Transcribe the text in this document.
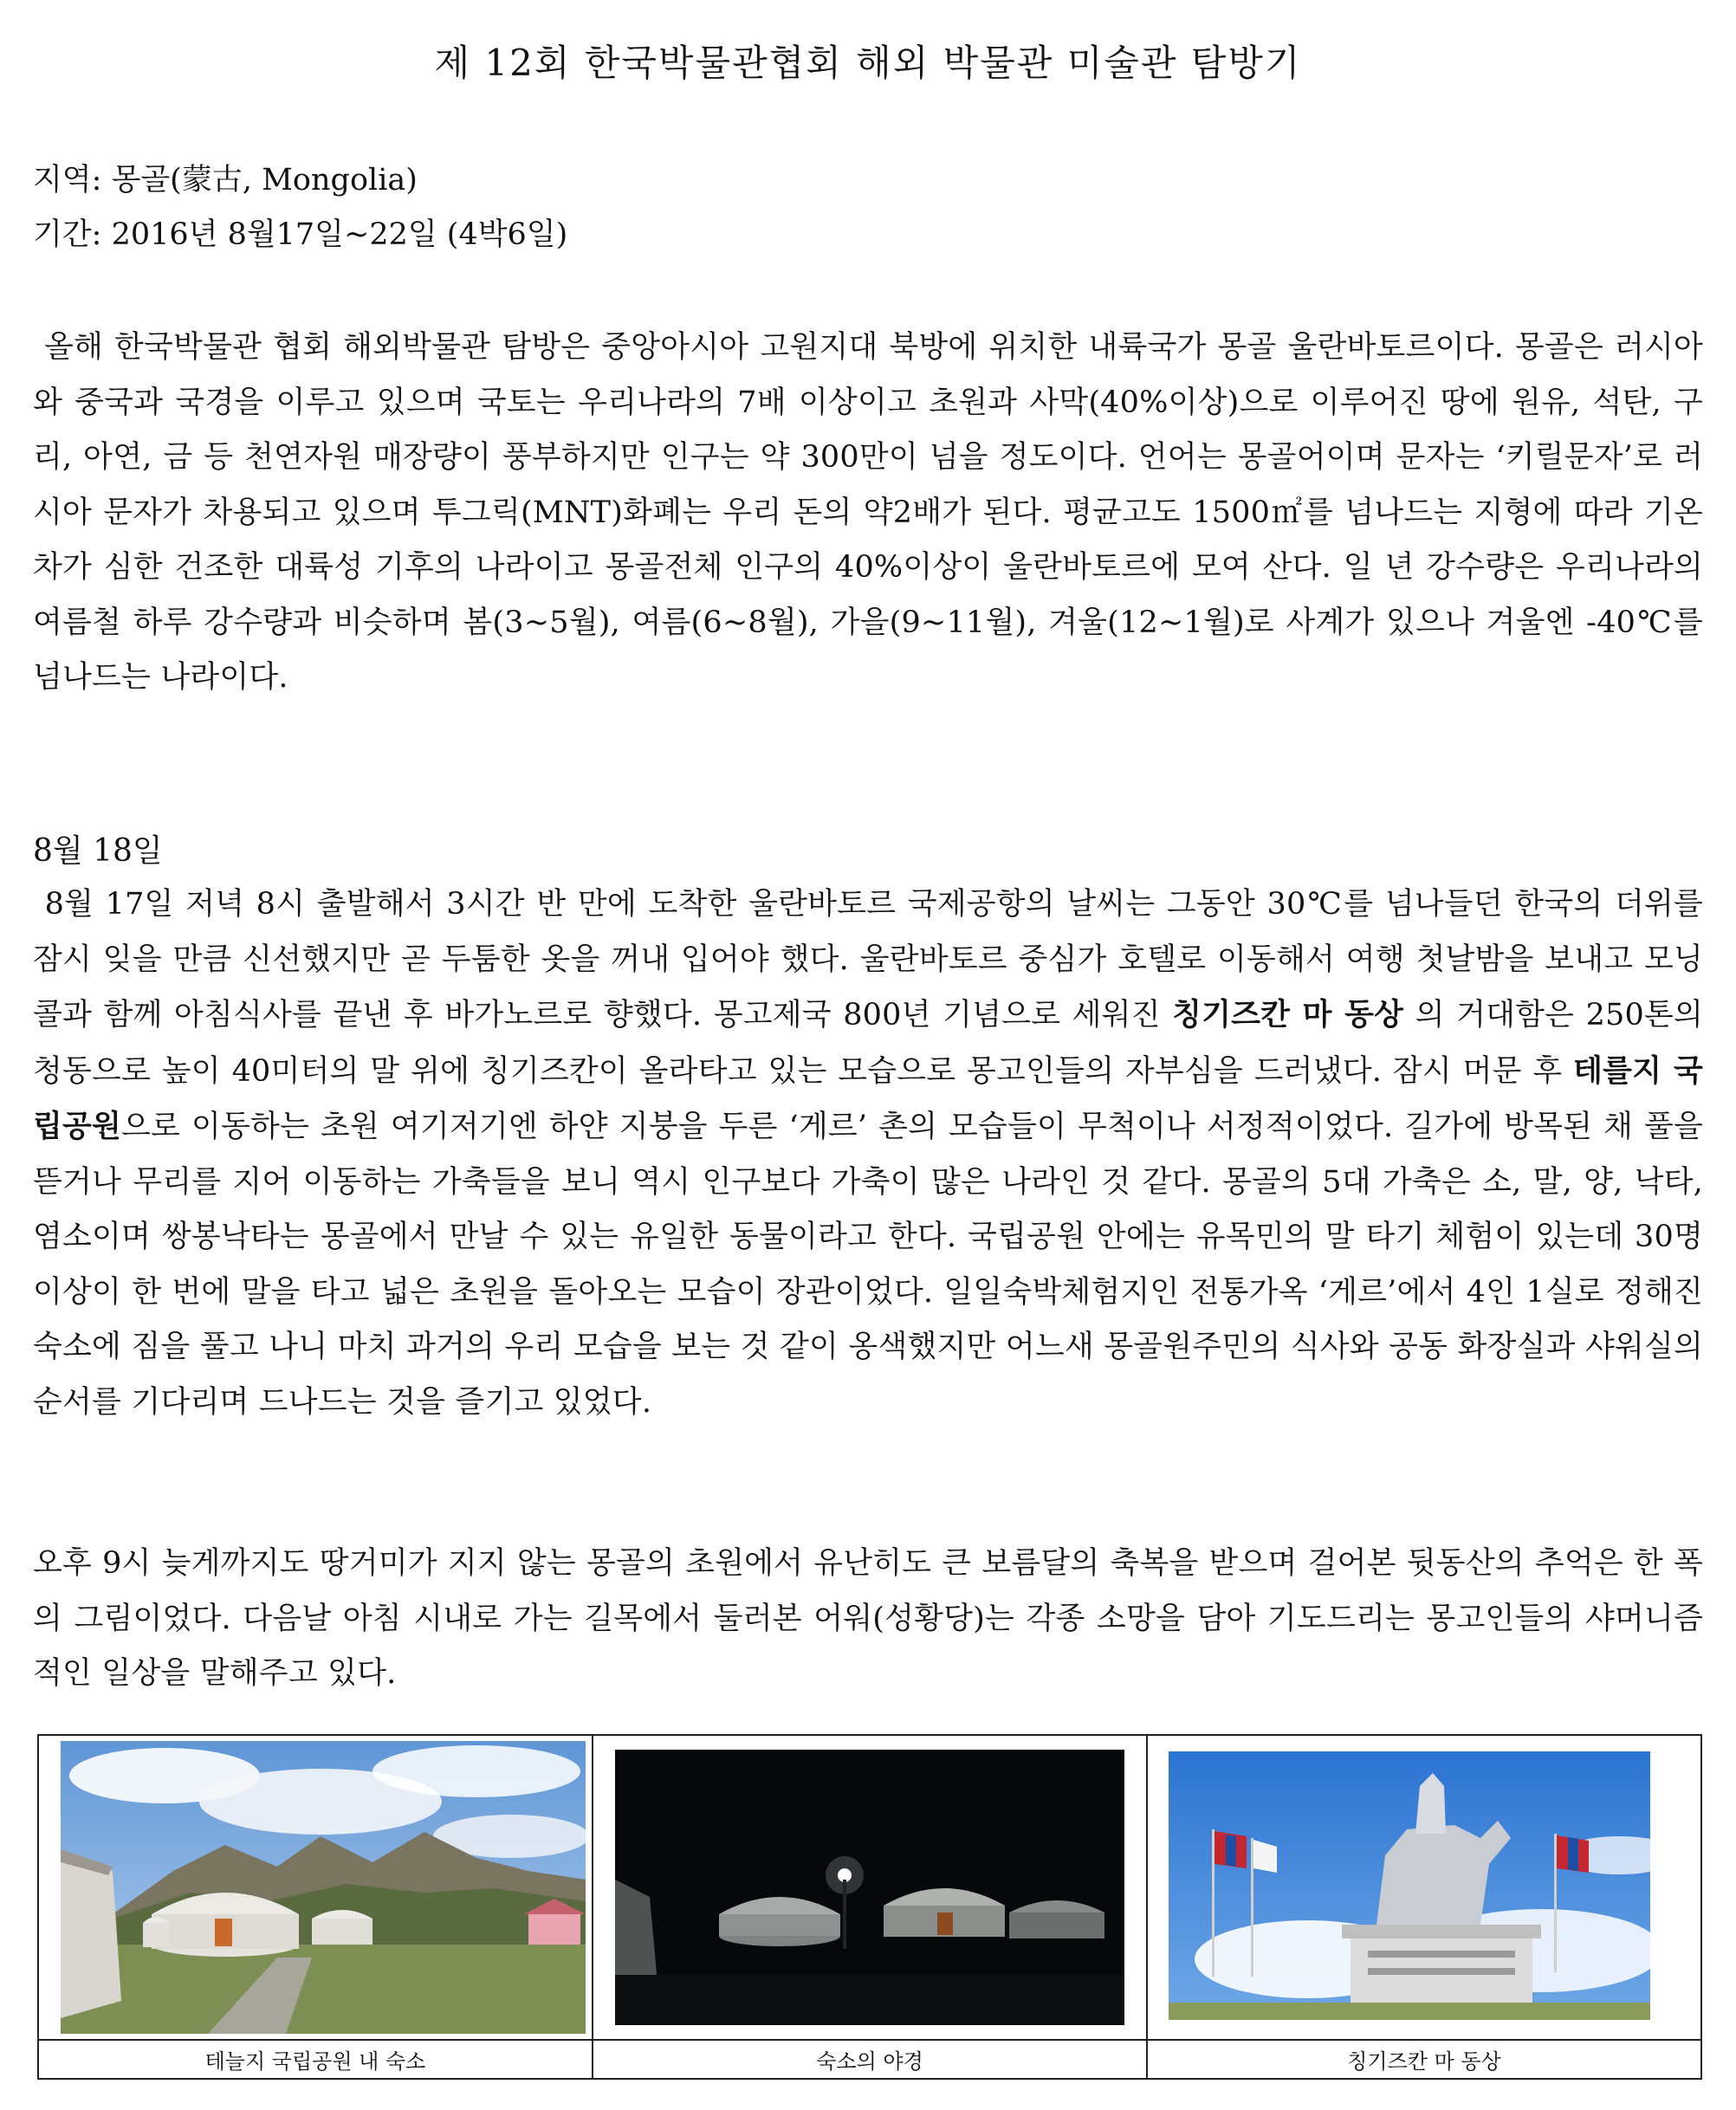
제 12회 한국박물관협회 해외 박물관 미술관 탐방기
지역: 몽골(蒙古, Mongolia)
기간: 2016년 8월17일~22일 (4박6일)

올해 한국박물관 협회 해외박물관 탐방은 중앙아시아 고원지대 북방에 위치한 내륙국가 몽골 울란바토르이다. 몽골은 러시아와 중국과 국경을 이루고 있으며 국토는 우리나라의 7배 이상이고 초원과 사막(40%이상)으로 이루어진 땅에 원유, 석탄, 구리, 아연, 금 등 천연자원 매장량이 풍부하지만 인구는 약 300만이 넘을 정도이다. 언어는 몽골어이며 문자는 ‘키릴문자’로 러시아 문자가 차용되고 있으며 투그릭(MNT)화폐는 우리 돈의 약2배가 된다. 평균고도 1500㎡를 넘나드는 지형에 따라 기온차가 심한 건조한 대륙성 기후의 나라이고 몽골전체 인구의 40%이상이 울란바토르에 모여 산다. 일 년 강수량은 우리나라의 여름철 하루 강수량과 비슷하며 봄(3~5월), 여름(6~8월), 가을(9~11월), 겨울(12~1월)로 사계가 있으나 겨울엔 -40℃를 넘나드는 나라이다.

8월 18일

8월 17일 저녁 8시 출발해서 3시간 반 만에 도착한 울란바토르 국제공항의 날씨는 그동안 30℃를 넘나들던 한국의 더위를 잠시 잊을 만큼 신선했지만 곧 두툼한 옷을 꺼내 입어야 했다. 울란바토르 중심가 호텔로 이동해서 여행 첫날밤을 보내고 모닝콜과 함께 아침식사를 끝낸 후 바가노르로 향했다. 몽고제국 800년 기념으로 세워진 칭기즈칸 마 동상 의 거대함은 250톤의 청동으로 높이 40미터의 말 위에 칭기즈칸이 올라타고 있는 모습으로 몽고인들의 자부심을 드러냈다. 잠시 머문 후 테를지 국립공원으로 이동하는 초원 여기저기엔 하얀 지붕을 두른 ‘게르’ 촌의 모습들이 무척이나 서정적이었다. 길가에 방목된 채 풀을 뜯거나 무리를 지어 이동하는 가축들을 보니 역시 인구보다 가축이 많은 나라인 것 같다. 몽골의 5대 가축은 소, 말, 양, 낙타, 염소이며 쌍봉낙타는 몽골에서 만날 수 있는 유일한 동물이라고 한다. 국립공원 안에는 유목민의 말 타기 체험이 있는데 30명 이상이 한 번에 말을 타고 넓은 초원을 돌아오는 모습이 장관이었다. 일일숙박체험지인 전통가옥 ‘게르’에서 4인 1실로 정해진 숙소에 짐을 풀고 나니 마치 과거의 우리 모습을 보는 것 같이 옹색했지만 어느새 몽골원주민의 식사와 공동 화장실과 샤워실의 순서를 기다리며 드나드는 것을 즐기고 있었다.

오후 9시 늦게까지도 땅거미가 지지 않는 몽골의 초원에서 유난히도 큰 보름달의 축복을 받으며 걸어본 뒷동산의 추억은 한 폭의 그림이었다. 다음날 아침 시내로 가는 길목에서 둘러본 어워(성황당)는 각종 소망을 담아 기도드리는 몽고인들의 샤머니즘 적인 일상을 말해주고 있다.

테늘지 국립공원 내 숙소	숙소의 야경	칭기즈칸 마 동상
